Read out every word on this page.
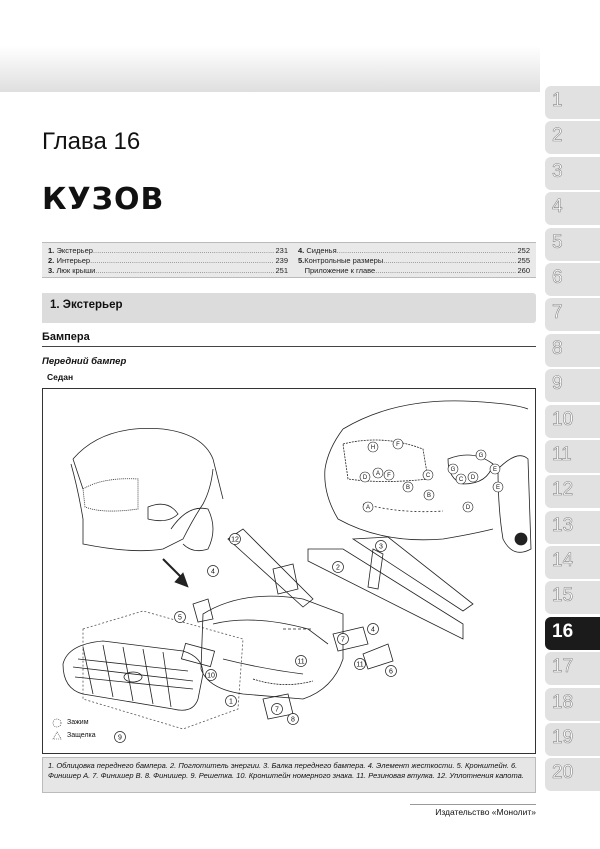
Глава 16
КУЗОВ
1. Экстерьер .....	231
2. Интерьер .....	239
3. Люк крыши .....	251
4. Сиденья .....	252
5. Контрольные размеры .....	255
Приложение к главе .....	260
1. Экстерьер
Бампера
Передний бампер
Седан
1
2
3
4
4
5
6
7
8
9
10
11	11
12
7
H	F
A
D	F
B
C
B
A
G
C
G
E
D
E
D
Зажим
Защелка
1. Облицовка переднего бампера. 2. Поглотитель энергии. 3. Балка переднего бампера. 4. Элемент жесткости. 5. Кронштейн. 6. Финишер A. 7. Финишер B. 8. Финишер. 9. Решетка. 10. Кронштейн номерного знака. 11. Резиновая втулка. 12. Уплотнения капота.
Издательство «Монолит»
1
2
3
4
5
6
7
8
9
10
11
12
13
14
15
16
17
18
19
20
